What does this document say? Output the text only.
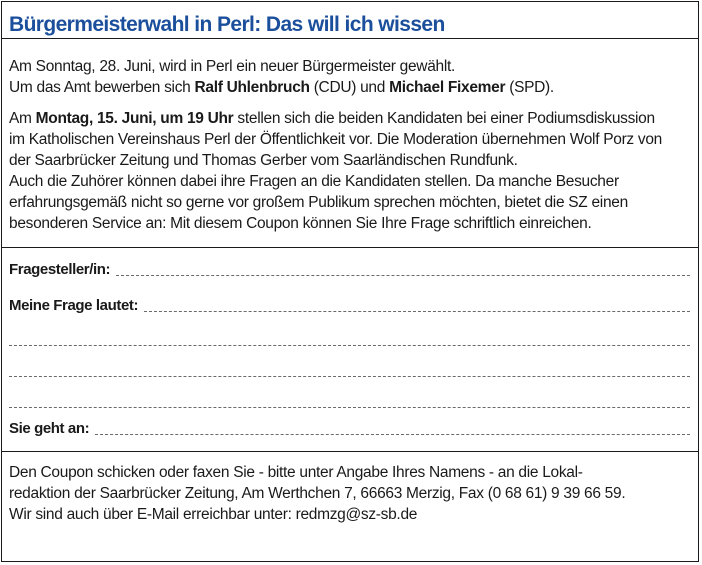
Bürgermeisterwahl in Perl: Das will ich wissen
Am Sonntag, 28. Juni, wird in Perl ein neuer Bürgermeister gewählt.
Um das Amt bewerben sich Ralf Uhlenbruch (CDU) und Michael Fixemer (SPD).
Am Montag, 15. Juni, um 19 Uhr stellen sich die beiden Kandidaten bei einer Podiumsdiskussion
im Katholischen Vereinshaus Perl der Öffentlichkeit vor. Die Moderation übernehmen Wolf Porz von
der Saarbrücker Zeitung und Thomas Gerber vom Saarländischen Rundfunk.
Auch die Zuhörer können dabei ihre Fragen an die Kandidaten stellen. Da manche Besucher
erfahrungsgemäß nicht so gerne vor großem Publikum sprechen möchten, bietet die SZ einen
besonderen Service an: Mit diesem Coupon können Sie Ihre Frage schriftlich einreichen.
Fragesteller/in:
Meine Frage lautet:
Sie geht an:
Den Coupon schicken oder faxen Sie - bitte unter Angabe Ihres Namens - an die Lokal-
redaktion der Saarbrücker Zeitung, Am Werthchen 7, 66663 Merzig, Fax (0 68 61) 9 39 66 59.
Wir sind auch über E-Mail erreichbar unter: redmzg@sz-sb.de
